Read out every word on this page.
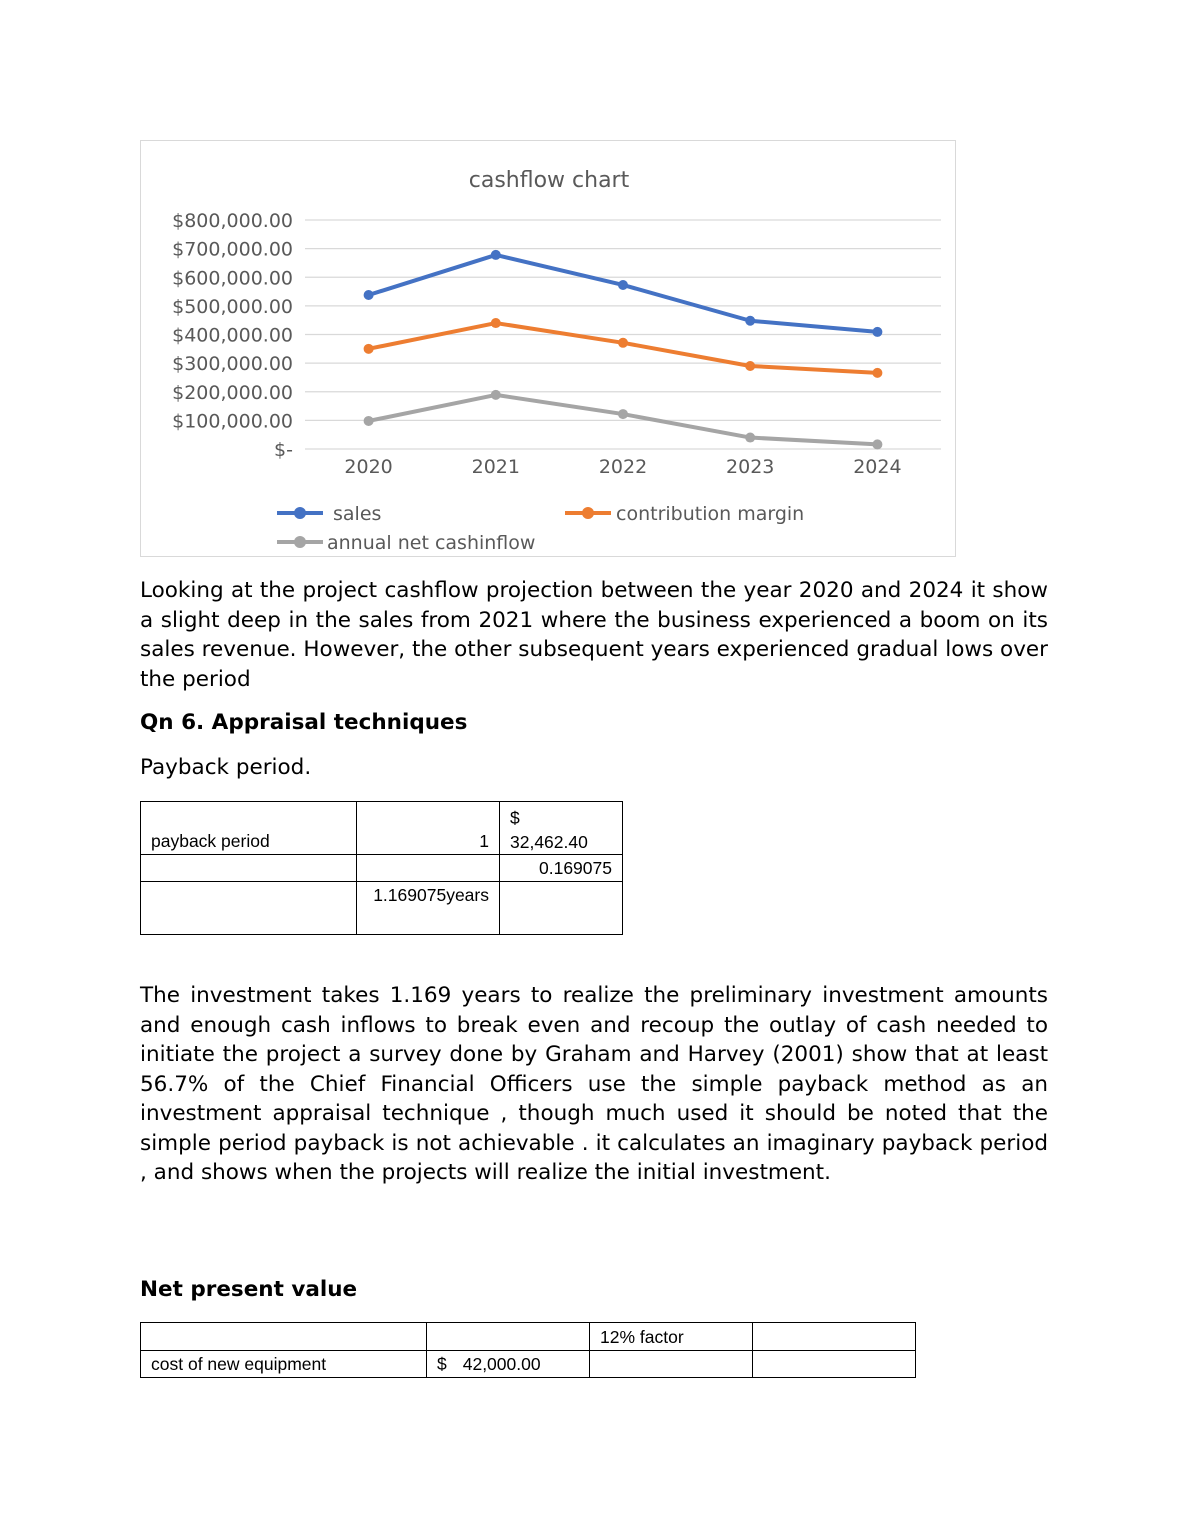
cashflow chart
$-
$100,000.00
$200,000.00
$300,000.00
$400,000.00
$500,000.00
$600,000.00
$700,000.00
$800,000.00
2020	2021	2022	2023	2024
sales	contribution margin
annual net cashinflow

Looking at the project cashflow projection between the year 2020 and 2024 it show a slight deep in the sales from 2021 where the business experienced a boom on its sales revenue. However, the other subsequent years experienced gradual lows over the period

Qn 6. Appraisal techniques

Payback period.

payback period	1	$
32,462.40
		0.169075
	1.169075years	

The investment takes 1.169 years to realize the preliminary investment amounts and enough cash inflows to break even and recoup the outlay of cash needed to initiate the project a survey done by Graham and Harvey (2001) show that at least 56.7% of the Chief Financial Officers use the simple payback method as an investment appraisal technique , though much used it should be noted that the simple period payback is not achievable . it calculates an imaginary payback period , and shows when the projects will realize the initial investment.

Net present value

		12% factor	
cost of new equipment	$ 42,000.00		
